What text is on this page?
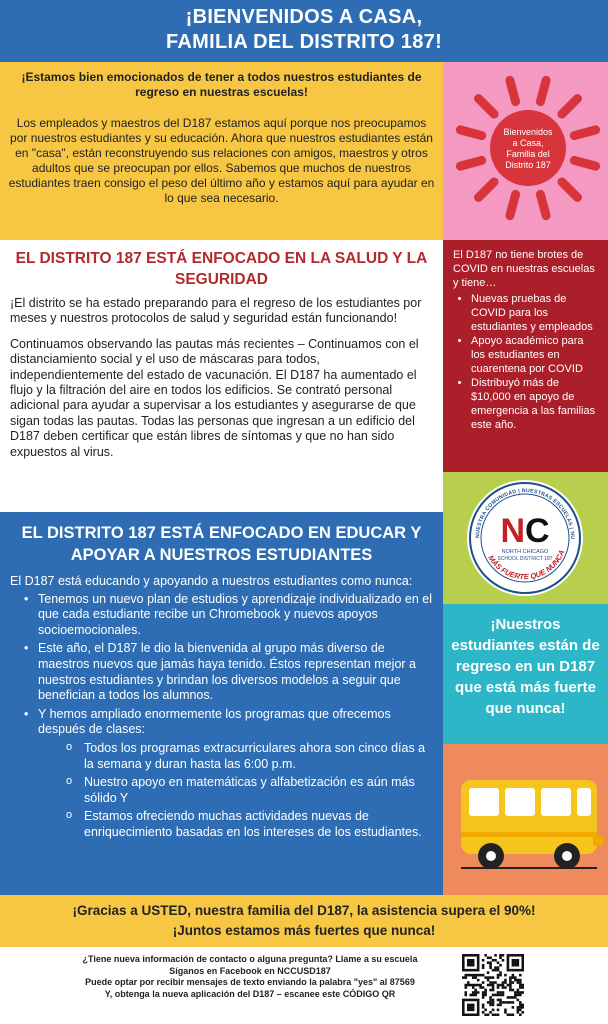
¡BIENVENIDOS A CASA,
FAMILIA DEL DISTRITO 187!

¡Estamos bien emocionados de tener a todos nuestros estudiantes de regreso en nuestras escuelas!

Los empleados y maestros del D187 estamos aquí porque nos preocupamos por nuestros estudiantes y su educación. Ahora que nuestros estudiantes están en "casa", están reconstruyendo sus relaciones con amigos, maestros y otros adultos que se preocupan por ellos. Sabemos que muchos de nuestros estudiantes traen consigo el peso del último año y estamos aquí para ayudar en lo que sea necesario.

Bienvenidos a Casa, Familia del Distrito 187
EL DISTRITO 187 ESTÁ ENFOCADO EN LA SALUD Y LA SEGURIDAD

¡El distrito se ha estado preparando para el regreso de los estudiantes por meses y nuestros protocolos de salud y seguridad están funcionando!

Continuamos observando las pautas más recientes – Continuamos con el distanciamiento social y el uso de máscaras para todos, independientemente del estado de vacunación. El D187 ha aumentado el flujo y la filtración del aire en todos los edificios. Se contrató personal adicional para ayudar a supervisar a los estudiantes y asegurarse de que sigan todas las pautas. Todas las personas que ingresan a un edificio del D187 deben certificar que están libres de síntomas y que no han sido expuestos al virus.

El D187 no tiene brotes de COVID en nuestras escuelas y tiene…
• Nuevas pruebas de COVID para los estudiantes y empleados
• Apoyo académico para los estudiantes en cuarentena por COVID
• Distribuyó más de $10,000 en apoyo de emergencia a las familias este año.
NUESTRA COMUNIDAD | NUESTRAS ESCUELAS | NU
NC
NORTH CHICAGO
SCHOOL DISTRICT 187
MÁS FUERTE QUE NUNCA
EL DISTRITO 187 ESTÁ ENFOCADO EN EDUCAR Y APOYAR A NUESTROS ESTUDIANTES
El D187 está educando y apoyando a nuestros estudiantes como nunca:
• Tenemos un nuevo plan de estudios y aprendizaje individualizado en el que cada estudiante recibe un Chromebook y nuevos apoyos socioemocionales.
• Este año, el D187 le dio la bienvenida al grupo más diverso de maestros nuevos que jamás haya tenido. Éstos representan mejor a nuestros estudiantes y brindan los diversos modelos a seguir que benefician a todos los alumnos.
• Y hemos ampliado enormemente los programas que ofrecemos después de clases:
o Todos los programas extracurriculares ahora son cinco días a la semana y duran hasta las 6:00 p.m.
o Nuestro apoyo en matemáticas y alfabetización es aún más sólido Y
o Estamos ofreciendo muchas actividades nuevas de enriquecimiento basadas en los intereses de los estudiantes.
¡Nuestros estudiantes están de regreso en un D187 que está más fuerte que nunca!
¡Gracias a USTED, nuestra familia del D187, la asistencia supera el 90%!
¡Juntos estamos más fuertes que nunca!
¿Tiene nueva información de contacto o alguna pregunta? Llame a su escuela
Síganos en Facebook en NCCUSD187
Puede optar por recibir mensajes de texto enviando la palabra "yes" al 87569
Y, obtenga la nueva aplicación del D187 – escanee este CÓDIGO QR
